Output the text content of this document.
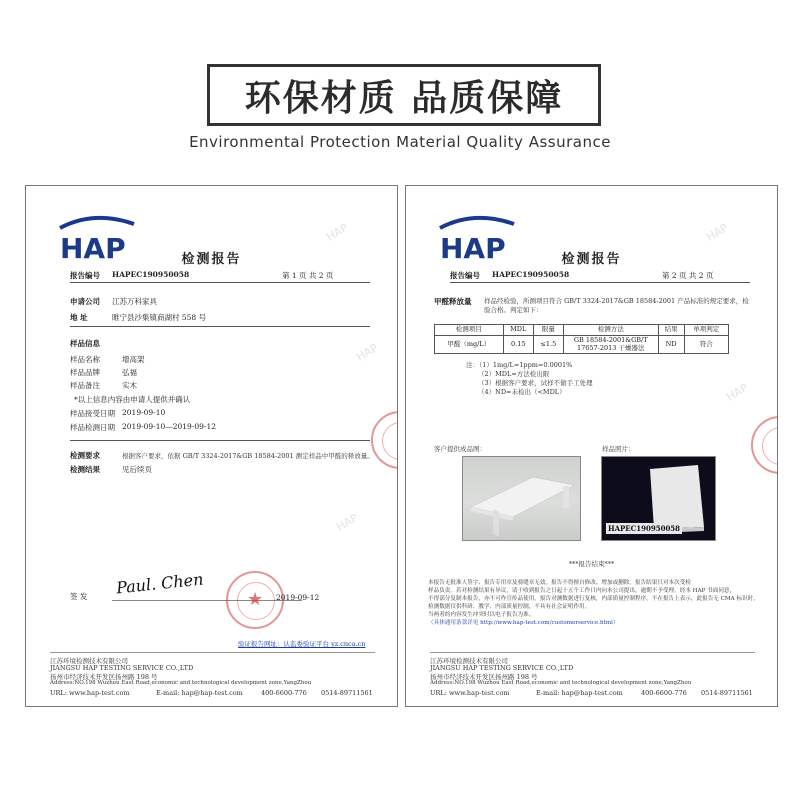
环保材质 品质保障
Environmental Protection Material Quality Assurance
HAP	HAP
HAP
HAP
检测报告
报告编号 HAPEC190950058	第 1 页 共 2 页
申请公司 江苏万科家具
地 址	睢宁县沙集镇商湖村 558 号
样品信息
样品名称	增高架
样品品牌	弘福
样品备注	实木
*以上信息内容由申请人提供并确认
样品接受日期 2019-09-10
样品检测日期 2019-09-10—2019-09-12
检测要求	根据客户要求，依据 GB/T 3324-2017&GB 18584-2001 测定样品中甲醛的释放量。
检测结果	见后续页
签 发 Paul. Chen
★ 2019-09-12
验证报告网址：认监委验证平台 yz.cnca.cn
江苏环境检测技术有限公司
JIANGSU HAP TESTING SERVICE CO.,LTD
扬州市经济技术开发区扬州路 198 号
Address:NO.198 Wuzhou East Road,economic and technological development zone,YangZhou
URL: www.hap-test.com	E-mail: hap@hap-test.com	400-6600-776 0514-89711561
HAP	HAP
HAP
检测报告
报告编号 HAPEC190950058	第 2 页 共 2 页
甲醛释放量 样品经检验，所测项目符合 GB/T 3324-2017&GB 18584-2001 产品标准的规定要求，检验合格。判定如下：
检测项目	MDL	限量	检测方法	结果	单项判定
甲醛（mg/L）	0.15	≤1.5	GB 18584-2001&GB/T 17657-2013 干燥器法	ND	符合
注：（1）1mg/L=1ppm=0.0001%
（2）MDL=方法检出限
（3）根据客户要求，试样不做手工处理
（4）ND=未检出（<MDL）
客户提供成品图：	样品照片：
HAPEC190950058
***报告结束***
本报告无批准人签字、报告专用章及骑缝章无效。报告不得擅自修改、增加或删除。报告结果只对本次受检
样品负责。若对检测结果有异议，请于收到报告之日起十五个工作日内向本公司提出，逾期不予受理。经本 HAP 书面同意，
不得部分复制本报告，亦不可作宣传品使用。报告对测数据进行复核，内部质量控制程序，不在报告上表示，此报告无 CMA 标识时，
检测数据仅供科研、教学、内部质量控制，不具有社会证明作用。
当两者的内容发生冲突时以电子报告为准。
（具体通用条款详见 http://www.hap-test.com/customerservice.html）
江苏环境检测技术有限公司
JIANGSU HAP TESTING SERVICE CO.,LTD
扬州市经济技术开发区扬州路 198 号
Address:NO.198 Wuzhou East Road,economic and technological development zone,YangZhou
URL: www.hap-test.com	E-mail: hap@hap-test.com	400-6600-776 0514-89711561
